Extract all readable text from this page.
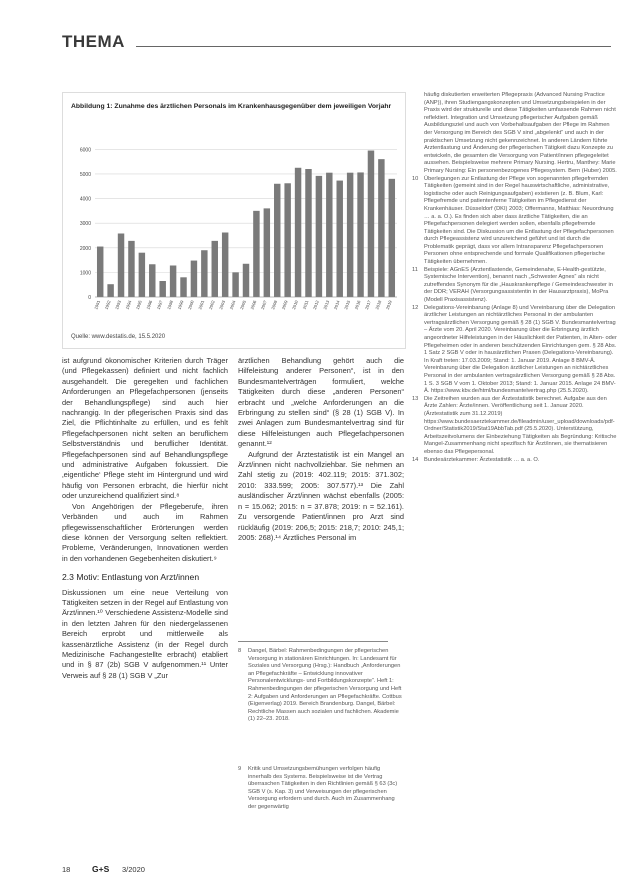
THEMA
Abbildung 1: Zunahme des ärztlichen Personals im Krankenhausgegenüber dem jeweiligen Vorjahr
0
1000
2000
3000
4000
5000
6000
1991 1992 1993 1994 1995 1996 1997 1998 1999 2000 2001 2002 2003 2004 2005 2006 2007 2008 2009 2010 2011 2012 2013 2014 2015 2016 2017 2018 2019
Quelle: www.destatis.de, 15.5.2020

ist aufgrund ökonomischer Kriterien durch Träger (und Pflegekassen) definiert und nicht fachlich ausgehandelt. Die geregelten und fachlichen Anforderungen an Pflegefachpersonen (jenseits der Behandlungspflege) sind auch hier nachrangig. In der pflegerischen Praxis sind das Ziel, die Pflichtinhalte zu erfüllen, und es fehlt Pflegefachpersonen nicht selten an beruflichem Selbstverständnis und beruflicher Identität. Pflegefachpersonen sind auf Behandlungspflege und administrative Aufgaben fokussiert. Die ‚eigentliche‘ Pflege steht im Hintergrund und wird häufig von Personen erbracht, die hierfür nicht oder unzureichend qualifiziert sind.⁸

Von Angehörigen der Pflegeberufe, ihren Verbänden und auch im Rahmen pflegewissenschaftlicher Erörterungen werden diese können der Versorgung selten reflektiert. Probleme, Veränderungen, Innovationen werden in den vorhandenen Gegebenheiten diskutiert.⁹

2.3 Motiv: Entlastung von Arzt/innen

Diskussionen um eine neue Verteilung von Tätigkeiten setzen in der Regel auf Entlastung von Ärzt/innen.¹⁰ Verschiedene Assistenz-Modelle sind in den letzten Jahren für den niedergelassenen Bereich erprobt und mittlerweile als kassenärztliche Assistenz (in der Regel durch Medizinische Fachangestellte erbracht) etabliert und in § 87 (2b) SGB V aufgenommen.¹¹ Unter Verweis auf § 28 (1) SGB V „Zur

ärztlichen Behandlung gehört auch die Hilfeleistung anderer Personen“, ist in den Bundesmantelverträgen formuliert, welche Tätigkeiten durch diese „anderen Personen“ erbracht und „welche Anforderungen an die Erbringung zu stellen sind“ (§ 28 (1) SGB V). In zwei Anlagen zum Bundesmantelvertrag sind für diese Hilfeleistungen auch Pflegefachpersonen genannt.¹²

Aufgrund der Ärztestatistik ist ein Mangel an Ärzt/innen nicht nachvollziehbar. Sie nehmen an Zahl stetig zu (2019: 402.119; 2015: 371.302; 2010: 333.599; 2005: 307.577).¹³ Die Zahl ausländischer Ärzt/innen wächst ebenfalls (2005: n = 15.062; 2015: n = 37.878; 2019: n = 52.161). Zu versorgende Patient/innen pro Arzt sind rückläufig (2019: 206,5; 2015: 218,7; 2010: 245,1; 2005: 268).¹⁴ Ärztliches Personal im

8 Dangel, Bärbel: Rahmenbedingungen der pflegerischen Versorgung in stationären Einrichtungen. In: Landesamt für Soziales und Versorgung (Hrsg.): Handbuch „Anforderungen an Pflegefachkräfte – Entwicklung innovativer Personalentwicklungs- und Fortbildungskonzepte“. Heft 1: Rahmenbedingungen der pflegerischen Versorgung und Heft 2: Aufgaben und Anforderungen an Pflegefachkräfte. Cottbus (Eigenverlag) 2019. Bereich Brandenburg. Dangel, Bärbel: Rechtliche Massen auch sozialen und fachlichen. Akademie (1) 22–23. 2018.
9 Kritik und Umsetzungsbemühungen verfolgen häufig innerhalb des Systems. Beispielsweise ist die Vertrag überraschen Tätigkeiten in den Richtlinien gemäß § 63 (3c) SGB V (s. Kap. 3) und Verweisungen der pflegerischen Versorgung erfordern und durch. Auch im Zusammenhang der gegenwärtig
häufig diskutierten erweiterten Pflegepraxis (Advanced Nursing Practice (ANP)), ihren Studiengangskonzepten und Umsetzungsbeispielen in der Praxis wird der strukturelle und diese Tätigkeiten umfassende Rahmen nicht reflektiert. Integration und Umsetzung pflegerischer Aufgaben gemäß Ausbildungsziel und auch von Vorbehaltsaufgaben der Pflege im Rahmen der Versorgung im Bereich des SGB V sind „abgelenkt“ und auch in der praktischen Umsetzung nicht gekennzeichnet. In anderen Ländern führte Arztentlastung und Änderung der pflegerischen Tätigkeit dazu Konzepte zu entwickeln, die gesamten die Versorgung von Patient/innen pflegegeleitet aussehen. Beispielsweise mehrere Primary Nursing. Hertru, Manthey: Marie Primary Nursing: Ein personenbezogenes Pflegesystem. Bern (Huber) 2005.
10 Überlegungen zur Entlastung der Pflege von sogenannten pflegefremden Tätigkeiten (gemeint sind in der Regel hauswirtschaftliche, administrative, logistische oder auch Reinigungsaufgaben) existieren (z. B. Blum, Karl: Pflegefremde und patientenferne Tätigkeiten im Pflegedienst der Krankenhäuser. Düsseldorf (DKI) 2003; Offermanns, Matthias: Neuordnung … a. a. O.). Es finden sich aber dass ärztliche Tätigkeiten, die an Pflegefachpersonen delegiert werden sollen, ebenfalls pflegefremde Tätigkeiten sind. Die Diskussion um die Entlastung der Pflegefachpersonen durch Pflegeassistenz wird unzureichend geführt und ist durch die Problematik geprägt, dass vor allem Intransparenz Pflegefachpersonen Personen ohne entsprechende und formale Qualifikationen pflegerische Tätigkeiten übernehmen.
11 Beispiele: AGnES (Arztentlastende, Gemeindenahe, E-Health-gestützte, Systemische Intervention), benannt nach „Schwester Agnes“ als nicht zutreffendes Synonym für die „Hauskrankenpflege / Gemeindeschwester in der DDR; VERAH (Versorgungsassistentin in der Hausarztpraxis), MoPra (Modell Praxisassistenz).
12 Delegations-Vereinbarung (Anlage 8) und Vereinbarung über die Delegation ärztlicher Leistungen an nichtärztliches Personal in der ambulanten vertragsärztlichen Versorgung gemäß § 28 (1) SGB V. Bundesmantelvertrag – Ärzte vom 20. April 2020. Vereinbarung über die Erbringung ärztlich angeordneter Hilfeleistungen in der Häuslichkeit der Patienten, in Alten- oder Pflegeheimen oder in anderen beschützenden Einrichtungen gem. § 28 Abs. 1 Satz 2 SGB V oder in hausärztlichen Praxen (Delegations-Vereinbarung). In Kraft treten: 17.03.2009; Stand: 1. Januar 2019. Anlage 8 BMV-Ä. Vereinbarung über die Delegation ärztlicher Leistungen an nichtärztliches Personal in der ambulanten vertragsärztlichen Versorgung gemäß § 28 Abs. 1 S. 3 SGB V vom 1. Oktober 2013; Stand: 1. Januar 2015. Anlage 24 BMV-Ä. https://www.kbv.de/html/bundesmantelvertrag.php (25.5.2020).
13 Die Zeitreihen wurden aus der Ärztestatistik berechnet. Aufgabe aus den Ärzte Zahlen: Ärzte/innen. Veröffentlichung seit 1. Januar 2020. (Ärztestatistik zum 31.12.2019) https://www.bundesaerztekammer.de/fileadmin/user_upload/downloads/pdf-Ordner/Statistik2019/Stat19AbbTab.pdf (25.5.2020). Unterstützung, Arbeitszeitvolumens der Einbeziehung Tätigkeiten als Begründung: Kritische Mangel-Zusammenhang nicht spezifisch für Ärzt/innen, sie thematisieren ebenso das Pflegepersonal.
14 Bundesärztekammer: Ärztestatistik … a. a. O.
18	G+S 3/2020
